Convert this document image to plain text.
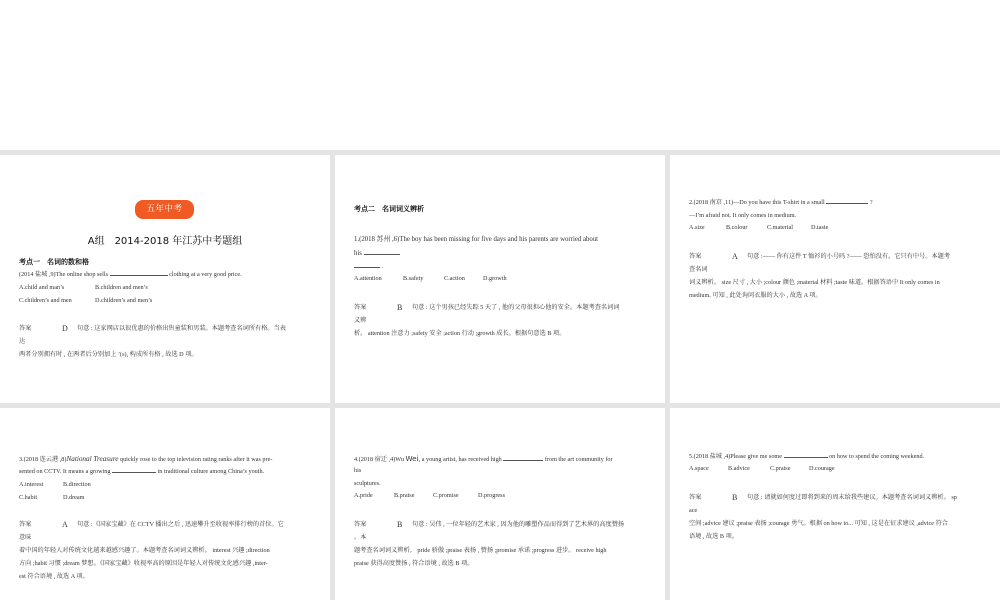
五年中考
A组　2014-2018 年江苏中考题组
考点一　名词的数和格
(2014 盐城 ,9)The online shop sells	clothing at a very good price.
A.child and man’s	B.children and men’s
C.children’s and men	D.children’s and men’s
答案	D 句意 : 这家网店以很优惠的价格出售童装和男装。本题考查名词所有格。当表
达
两者分别拥有时 , 在两者后分别加上 ’(s), 构成所有格 , 故选 D 项。
考点二　名词词义辨析
1.(2018 苏州 ,6)The boy has been missing for five days and his parents are worried about
his
.
A.attention	B.safety	C.action	D.growth
答案	B 句意 : 这个男孩已经失踪 5 天了 , 他的父母很担心他的安全。本题考查名词词
义辨
析。 attention 注意力 ;safety 安全 ;action 行动 ;growth 成长。根据句意选 B 项。
2.(2018 南京 ,11)—Do you have this T-shirt in a small	?
—I’m afraid not. It only comes in medium.
A.size	B.colour	C.material	D.taste
答案	A 句意 :—— 你有这件 T 恤衫的小号吗 ?—— 恐怕没有。它只有中号。本题考
查名词
词义辨析。 size 尺寸 , 大小 ;colour 颜色 ;material 材料 ;taste 味道。根据答语中 It only comes in
medium. 可知 , 此处询问衣服的大小 , 故选 A 项。
3.(2018 连云港 ,8)National Treasure quickly rose to the top television rating ranks after it was pre-
sented on CCTV. It means a growing	in traditional culture among China’s youth.
A.interest	B.direction
C.habit	D.dream
答案	A 句意 :《国家宝藏》在 CCTV 播出之后 , 迅速攀升至收视率排行榜的首位。它
意味
着中国的年轻人对传统文化越来越感兴趣了。本题考查名词词义辨析。 interest 兴趣 ;direction
方向 ;habit 习惯 ;dream 梦想。《国家宝藏》收视率高的原因是年轻人对传统文化感兴趣 ,inter-
est 符合语境 , 故选 A 项。
4.(2018 宿迁 ,4)Wu Wei, a young artist, has received high	from the art community for
his
sculptures.
A.pride	B.praise	C.promise	D.progress
答案	B 句意 : 吴伟 , 一位年轻的艺术家 , 因为他的雕塑作品而得到了艺术界的高度赞扬
。本
题考查名词词义辨析。 pride 骄傲 ;praise 表扬 , 赞扬 ;promise 承诺 ;progress 进步。 receive high
praise 获得高度赞扬 , 符合语境 , 故选 B 项。
5.(2018 盐城 ,4)Please give me some	on how to spend the coming weekend.
A.space	B.advice	C.praise	D.courage
答案	B 句意 : 请就如何度过即将到来的周末给我些建议。本题考查名词词义辨析。 sp
ace
空间 ;advice 建议 ;praise 表扬 ;courage 勇气。根据 on how to... 可知 , 这是在征求建议 ,advice 符合
语境 , 故选 B 项。
